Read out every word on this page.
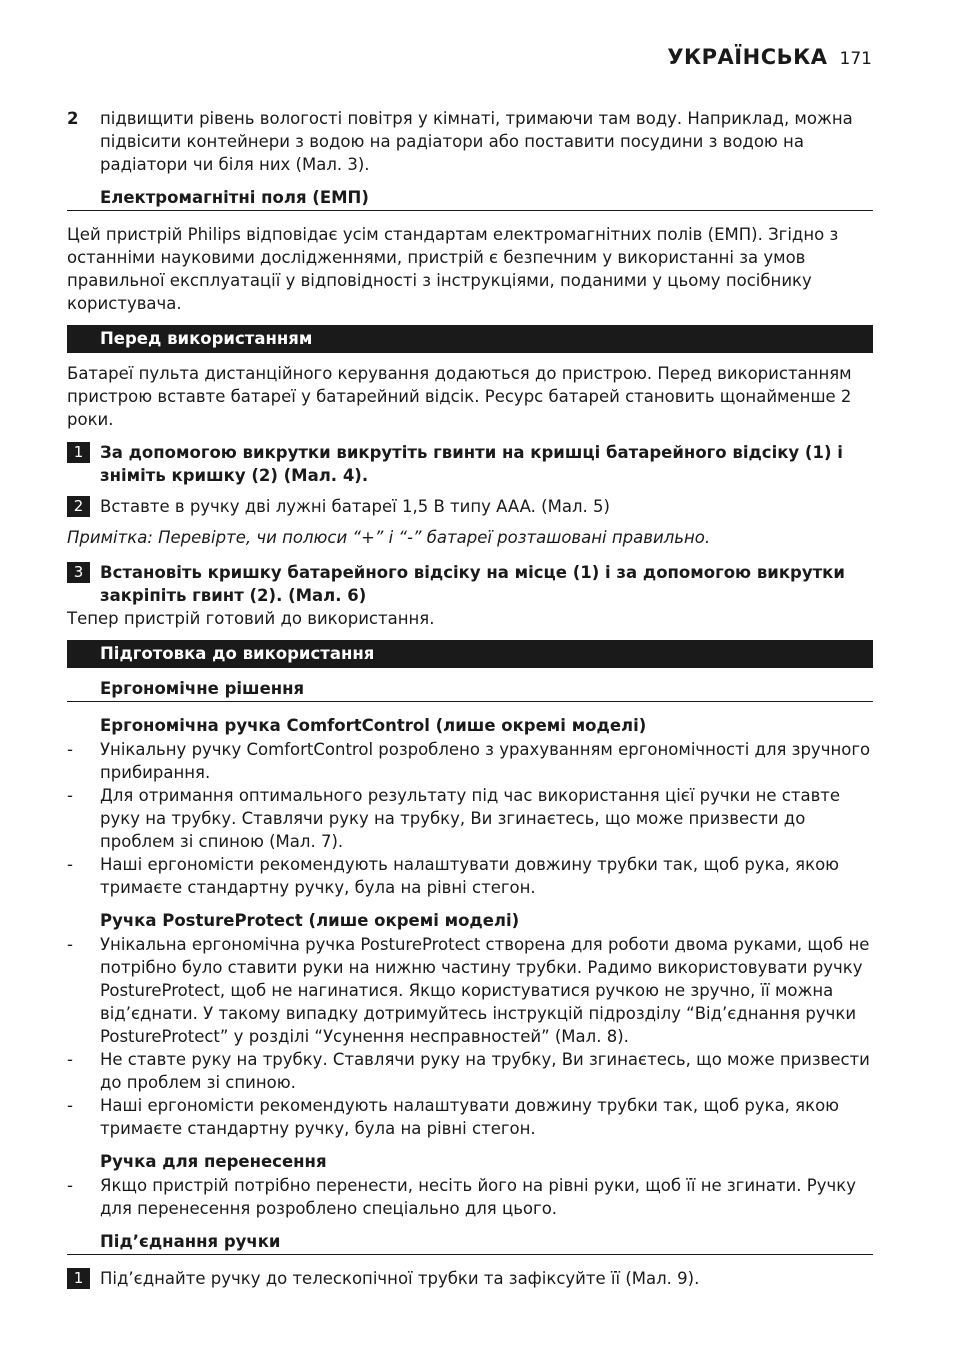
УКРАЇНСЬКА 171
2 підвищити рівень вологості повітря у кімнаті, тримаючи там воду. Наприклад, можна підвісити контейнери з водою на радіатори або поставити посудини з водою на радіатори чи біля них (Мал. 3).
Електромагнітні поля (ЕМП)
Цей пристрій Philips відповідає усім стандартам електромагнітних полів (ЕМП). Згідно з останніми науковими дослідженнями, пристрій є безпечним у використанні за умов правильної експлуатації у відповідності з інструкціями, поданими у цьому посібнику користувача.
Перед використанням
Батареї пульта дистанційного керування додаються до пристрою. Перед використанням пристрою вставте батареї у батарейний відсік. Ресурс батарей становить щонайменше 2 роки.
1	За допомогою викрутки викрутіть гвинти на кришці батарейного відсіку (1) і зніміть кришку (2) (Мал. 4).
2	Вставте в ручку дві лужні батареї 1,5 В типу AAA. (Мал. 5)
Примітка: Перевірте, чи полюси “+” і “-” батареї розташовані правильно.
3	Встановіть кришку батарейного відсіку на місце (1) і за допомогою викрутки закріпіть гвинт (2). (Мал. 6)
Тепер пристрій готовий до використання.
Підготовка до використання
Ергономічне рішення
Ергономічна ручка ComfortControl (лише окремі моделі)
- Унікальну ручку ComfortControl розроблено з урахуванням ергономічності для зручного прибирання.
- Для отримання оптимального результату під час використання цієї ручки не ставте руку на трубку. Ставлячи руку на трубку, Ви згинаєтесь, що може призвести до проблем зі спиною (Мал. 7).
- Наші ергономісти рекомендують налаштувати довжину трубки так, щоб рука, якою тримаєте стандартну ручку, була на рівні стегон.
Ручка PostureProtect (лише окремі моделі)
- Унікальна ергономічна ручка PostureProtect створена для роботи двома руками, щоб не потрібно було ставити руки на нижню частину трубки. Радимо використовувати ручку PostureProtect, щоб не нагинатися. Якщо користуватися ручкою не зручно, її можна від’єднати. У такому випадку дотримуйтесь інструкцій підрозділу “Від’єднання ручки PostureProtect” у розділі “Усунення несправностей” (Мал. 8).
- Не ставте руку на трубку. Ставлячи руку на трубку, Ви згинаєтесь, що може призвести до проблем зі спиною.
- Наші ергономісти рекомендують налаштувати довжину трубки так, щоб рука, якою тримаєте стандартну ручку, була на рівні стегон.
Ручка для перенесення
- Якщо пристрій потрібно перенести, несіть його на рівні руки, щоб її не згинати. Ручку для перенесення розроблено спеціально для цього.
Під’єднання ручки
1	Під’єднайте ручку до телескопічної трубки та зафіксуйте її (Мал. 9).
